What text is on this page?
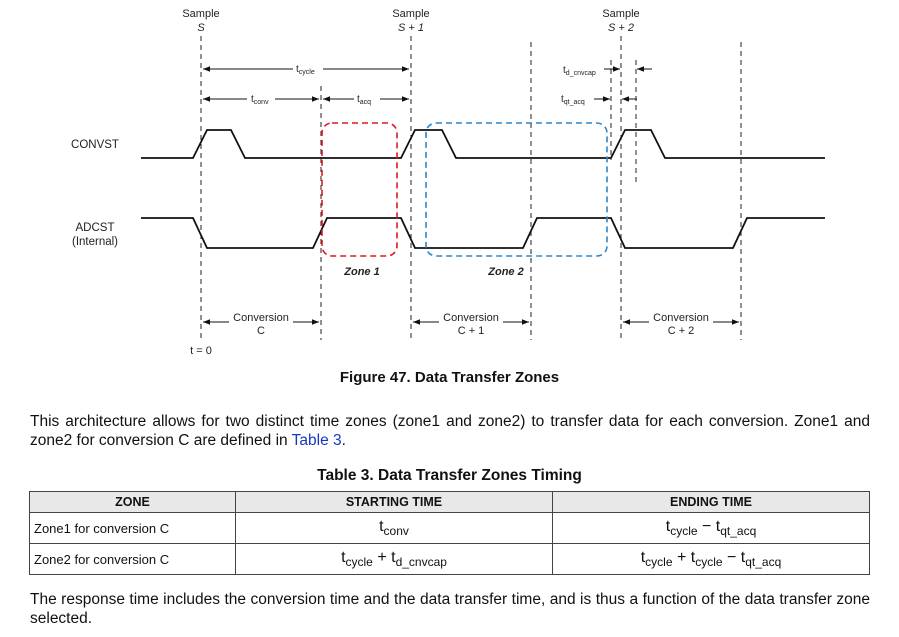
Sample
S
Sample
S + 1
Sample
S + 2
$t_{cycle}$
$t_{conv}$	$t_{acq}$
$t_{d\_cnvcap}$
$t_{qt\_acq}$
CONVST
ADCST
(Internal)
Zone 1	Zone 2
Conversion
C
Conversion
C + 1
Conversion
C + 2
t = 0
Figure 47. Data Transfer Zones

This architecture allows for two distinct time zones (zone1 and zone2) to transfer data for each conversion. Zone1 and zone2 for conversion C are defined in Table 3.

Table 3. Data Transfer Zones Timing
ZONE	STARTING TIME	ENDING TIME
Zone1 for conversion C	$t_{conv}$	$t_{cycle} - t_{qt\_acq}$
Zone2 for conversion C	$t_{cycle} + t_{d\_cnvcap}$	$t_{cycle} + t_{cycle} - t_{qt\_acq}$

The response time includes the conversion time and the data transfer time, and is thus a function of the data transfer zone selected.
